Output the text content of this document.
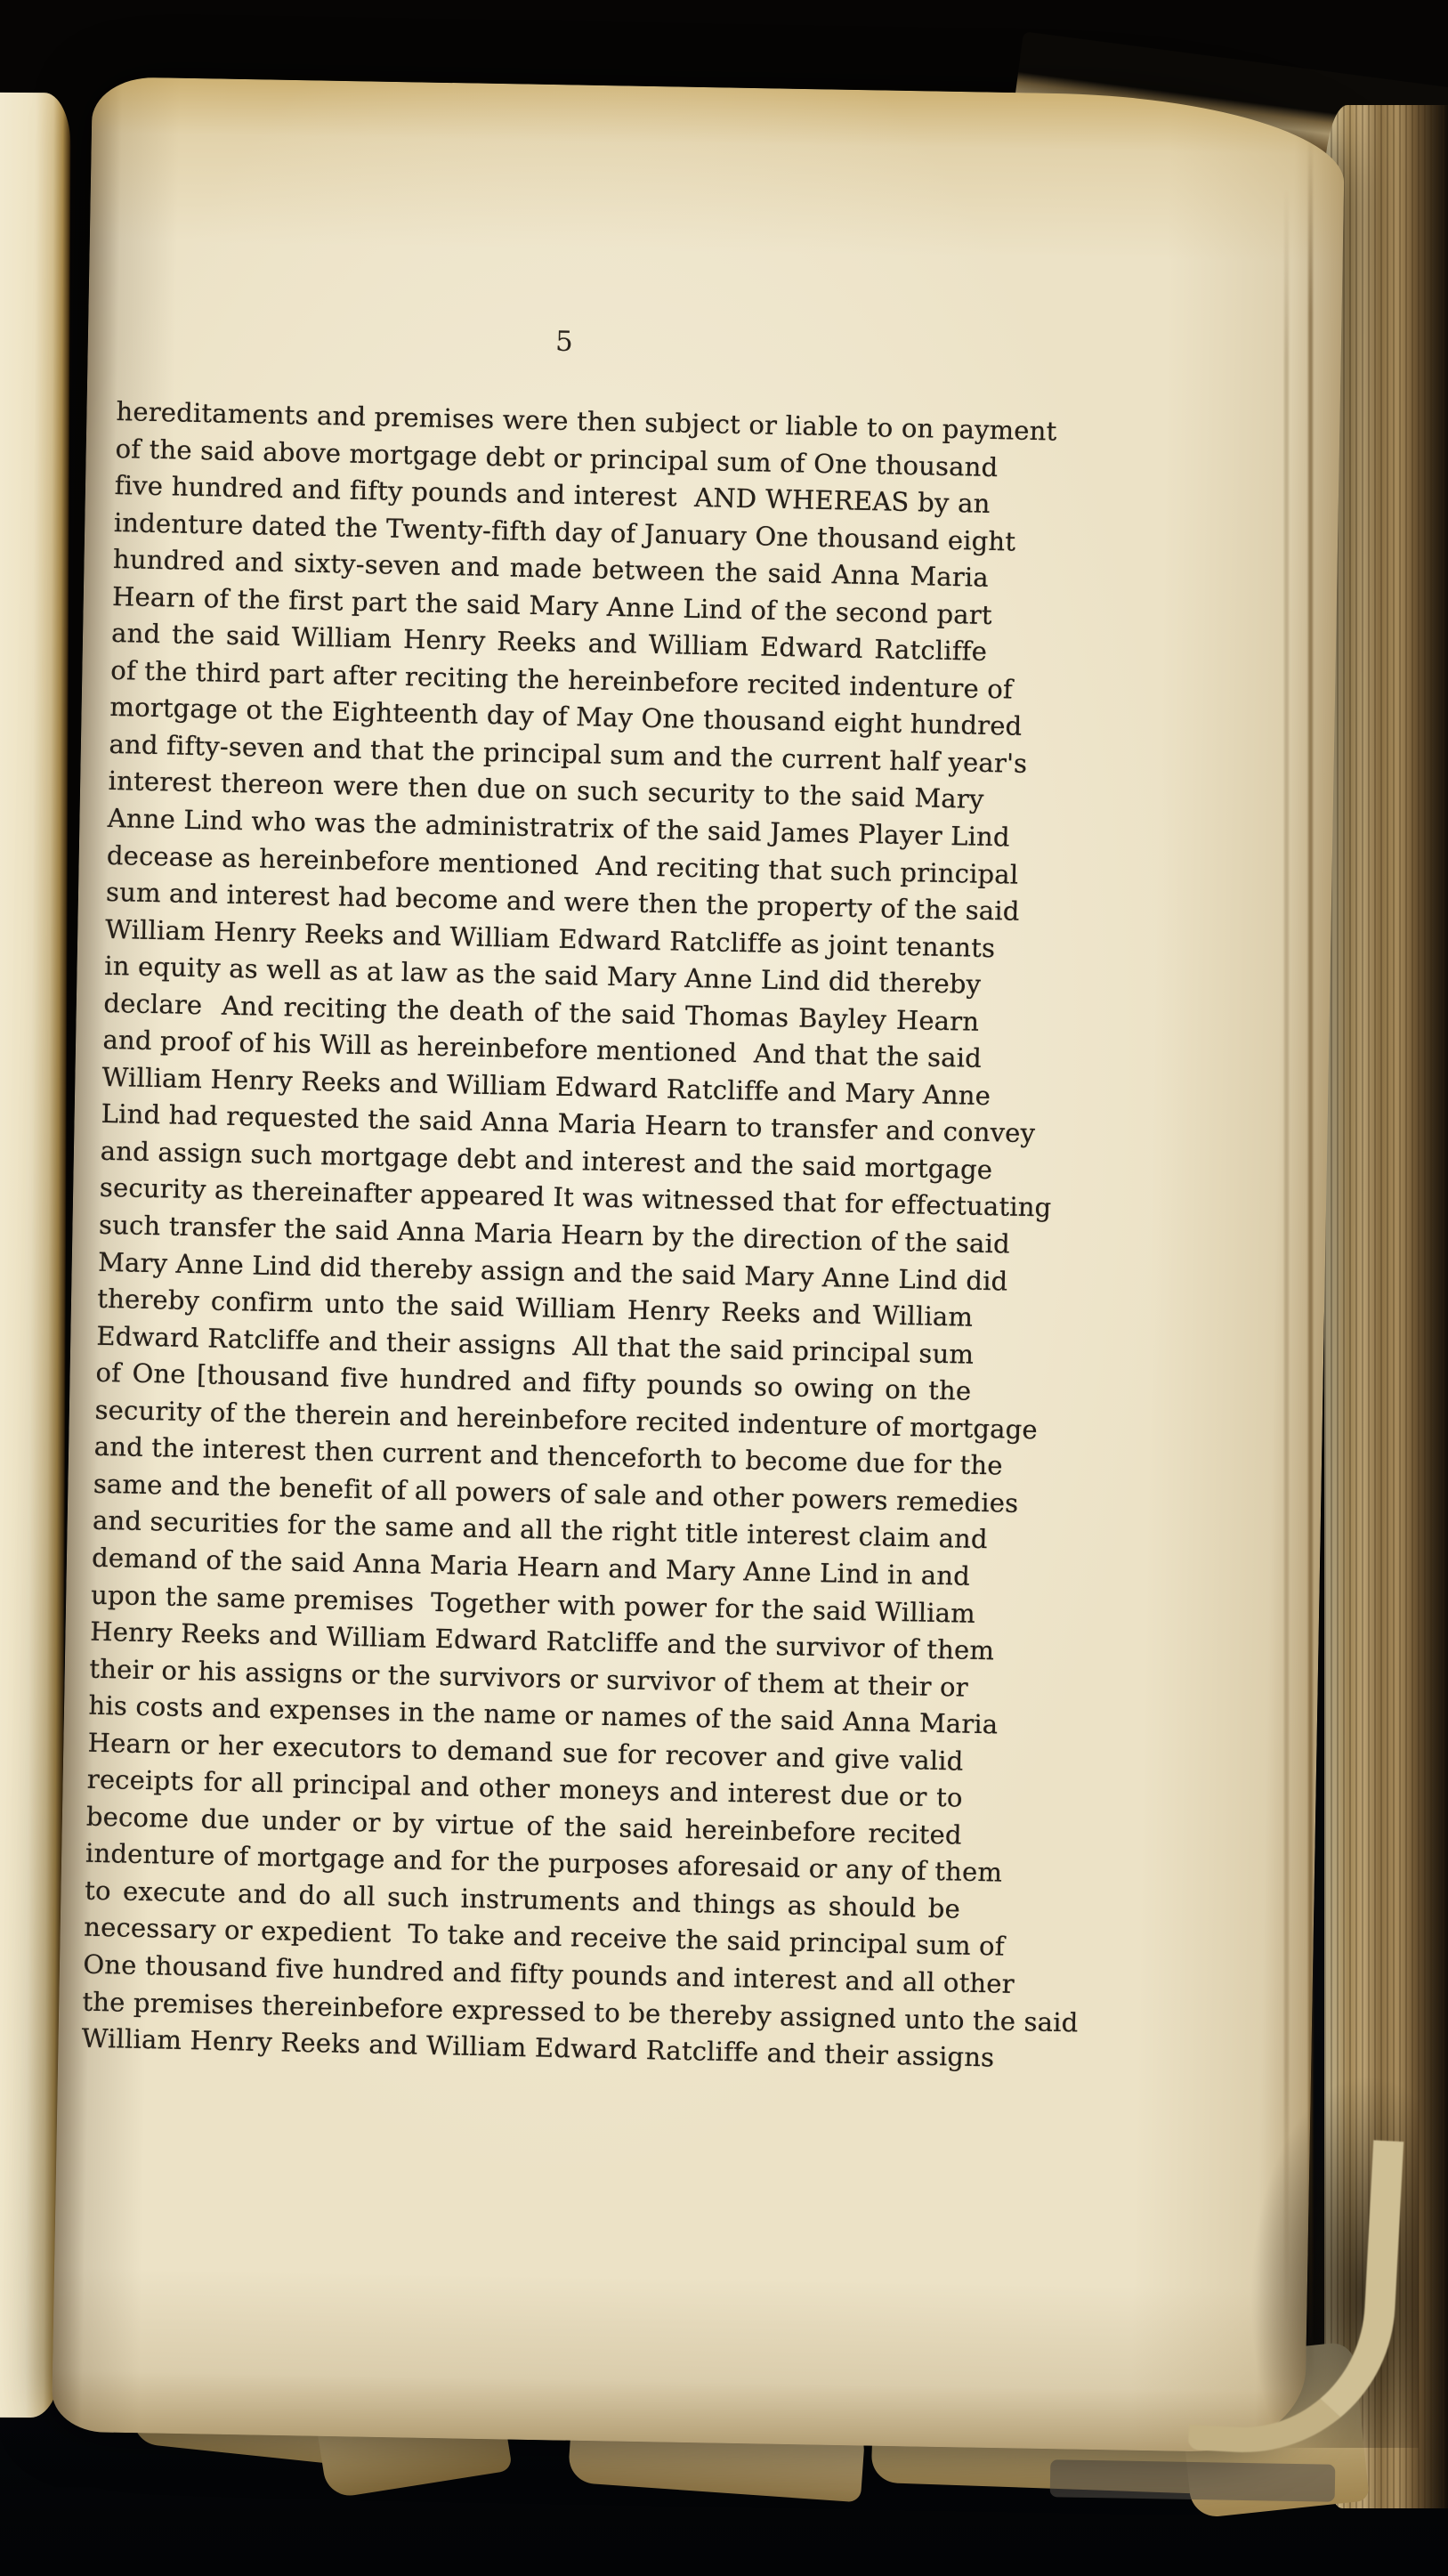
5
hereditaments and premises were then subject or liable to on payment
of the said above mortgage debt or principal sum of One thousand
five hundred and fifty pounds and interest  AND WHEREAS by an
indenture dated the Twenty-fifth day of January One thousand eight
hundred and sixty-seven and made between the said Anna Maria
Hearn of the first part the said Mary Anne Lind of the second part
and the said William Henry Reeks and William Edward Ratcliffe
of the third part after reciting the hereinbefore recited indenture of
mortgage ot the Eighteenth day of May One thousand eight hundred
and fifty-seven and that the principal sum and the current half year's
interest thereon were then due on such security to the said Mary
Anne Lind who was the administratrix of the said James Player Lind
decease as hereinbefore mentioned  And reciting that such principal
sum and interest had become and were then the property of the said
William Henry Reeks and William Edward Ratcliffe as joint tenants
in equity as well as at law as the said Mary Anne Lind did thereby
declare  And reciting the death of the said Thomas Bayley Hearn
and proof of his Will as hereinbefore mentioned  And that the said
William Henry Reeks and William Edward Ratcliffe and Mary Anne
Lind had requested the said Anna Maria Hearn to transfer and convey
and assign such mortgage debt and interest and the said mortgage
security as thereinafter appeared It was witnessed that for effectuating
such transfer the said Anna Maria Hearn by the direction of the said
Mary Anne Lind did thereby assign and the said Mary Anne Lind did
thereby confirm unto the said William Henry Reeks and William
Edward Ratcliffe and their assigns  All that the said principal sum
of One [thousand five hundred and fifty pounds so owing on the
security of the therein and hereinbefore recited indenture of mortgage
and the interest then current and thenceforth to become due for the
same and the benefit of all powers of sale and other powers remedies
and securities for the same and all the right title interest claim and
demand of the said Anna Maria Hearn and Mary Anne Lind in and
upon the same premises  Together with power for the said William
Henry Reeks and William Edward Ratcliffe and the survivor of them
their or his assigns or the survivors or survivor of them at their or
his costs and expenses in the name or names of the said Anna Maria
Hearn or her executors to demand sue for recover and give valid
receipts for all principal and other moneys and interest due or to
become due under or by virtue of the said hereinbefore recited
indenture of mortgage and for the purposes aforesaid or any of them
to execute and do all such instruments and things as should be
necessary or expedient  To take and receive the said principal sum of
One thousand five hundred and fifty pounds and interest and all other
the premises thereinbefore expressed to be thereby assigned unto the said
William Henry Reeks and William Edward Ratcliffe and their assigns
